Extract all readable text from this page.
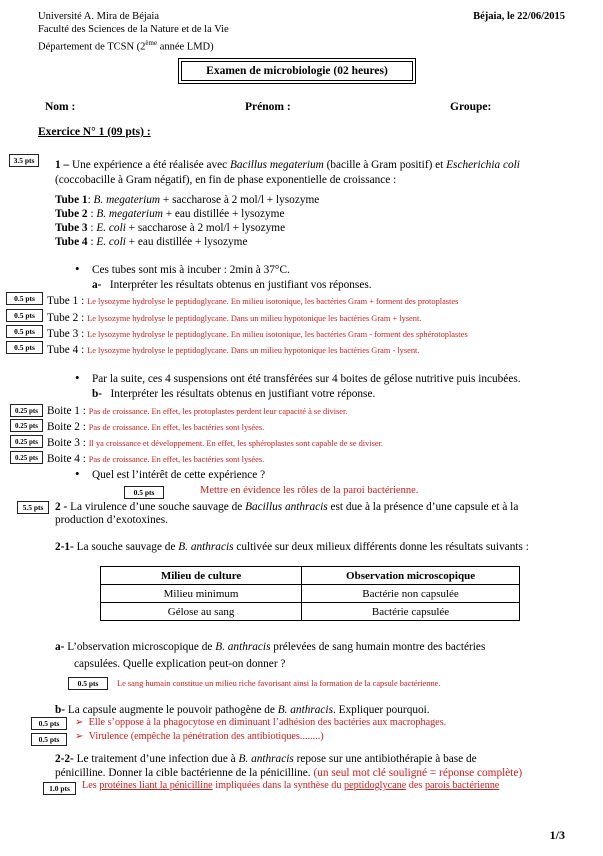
Université A. Mira de Béjaia
Faculté des Sciences de la Nature et de la Vie
Département de TCSN (2ème année LMD)
Béjaia, le 22/06/2015
Examen de microbiologie (02 heures)
Nom :	Prénom :	Groupe:
Exercice N° 1 (09 pts) :
3.5 pts	1 – Une expérience a été réalisée avec Bacillus megaterium (bacille à Gram positif) et Escherichia coli
(coccobacille à Gram négatif), en fin de phase exponentielle de croissance :
Tube 1: B. megaterium + saccharose à 2 mol/l + lysozyme
Tube 2 : B. megaterium + eau distillée + lysozyme
Tube 3 : E. coli + saccharose à 2 mol/l + lysozyme
Tube 4 : E. coli + eau distillée + lysozyme
• Ces tubes sont mis à incuber : 2min à 37°C.
a- Interpréter les résultats obtenus en justifiant vos réponses.
0.5 pts	Tube 1 : Le lysozyme hydrolyse le peptidoglycane. En milieu isotonique, les bactéries Gram + forment des protoplastes
0.5 pts	Tube 2 : Le lysozyme hydrolyse le peptidoglycane. Dans un milieu hypotonique les bactéries Gram + lysent.
0.5 pts	Tube 3 : Le lysozyme hydrolyse le peptidoglycane. En milieu isotonique, les bactéries Gram - forment des sphérotoplastes
0.5 pts	Tube 4 : Le lysozyme hydrolyse le peptidoglycane. Dans un milieu hypotonique les bactéries Gram - lysent.
• Par la suite, ces 4 suspensions ont été transférées sur 4 boites de gélose nutritive puis incubées.
b- Interpréter les résultats obtenus en justifiant votre réponse.
0.25 pts Boite 1 : Pas de croissance. En effet, les protoplastes perdent leur capacité à se diviser.
0.25 pts Boite 2 : Pas de croissance. En effet, les bactéries sont lysées.
0.25 pts Boite 3 : Il ya croissance et développement. En effet, les sphéroplastes sont capable de se diviser.
0.25 pts Boite 4 : Pas de croissance. En effet, les bactéries sont lysées.
• Quel est l’intérêt de cette expérience ?
0.5 pts	Mettre en évidence les rôles de la paroi bactérienne.
5.5 pts	2 - La virulence d’une souche sauvage de Bacillus anthracis est due à la présence d’une capsule et à la
production d’exotoxines.
2-1- La souche sauvage de B. anthracis cultivée sur deux milieux différents donne les résultats suivants :
Milieu de culture	Observation microscopique
Milieu minimum	Bactérie non capsulée
Gélose au sang	Bactérie capsulée
a- L’observation microscopique de B. anthracis prélevées de sang humain montre des bactéries
capsulées. Quelle explication peut-on donner ?
0.5 pts	Le sang humain constitue un milieu riche favorisant ainsi la formation de la capsule bactérienne.
b- La capsule augmente le pouvoir pathogène de B. anthracis. Expliquer pourquoi.
0.5 pts	➢ Elle s’oppose à la phagocytose en diminuant l’adhésion des bactéries aux macrophages.
0.5 pts	➢ Virulence (empêche la pénétration des antibiotiques........)
2-2- Le traitement d’une infection due à B. anthracis repose sur une antibiothérapie à base de
pénicilline. Donner la cible bactérienne de la pénicilline. (un seul mot clé souligné = réponse complète)
1.0 pts	Les protéines liant la pénicilline impliquées dans la synthèse du peptidoglycane des parois bactérienne
1/3
